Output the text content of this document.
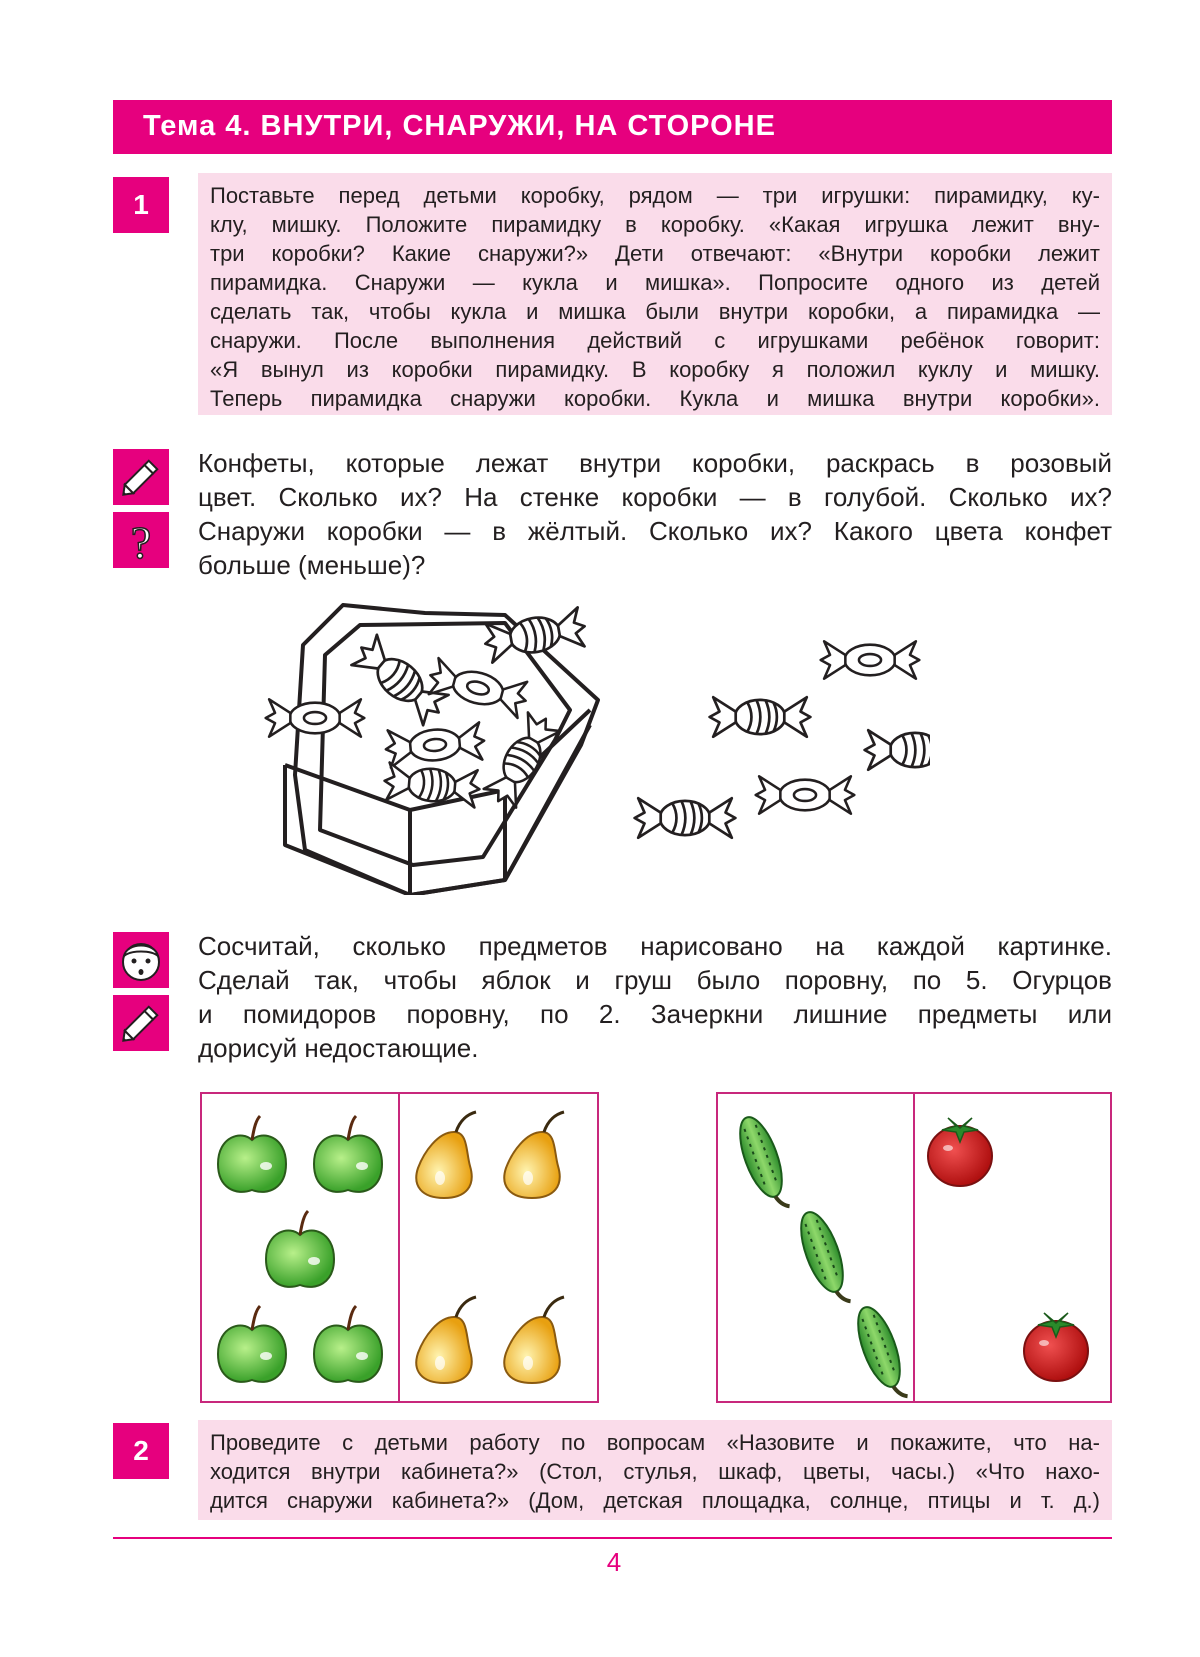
Тема 4. ВНУТРИ, СНАРУЖИ, НА СТОРОНЕ
1	Поставьте перед детьми коробку, рядом — три игрушки: пирамидку, ку-
клу, мишку. Положите пирамидку в коробку. «Какая игрушка лежит вну-
три коробки? Какие снаружи?» Дети отвечают: «Внутри коробки лежит
пирамидка. Снаружи — кукла и мишка». Попросите одного из детей
сделать так, чтобы кукла и мишка были внутри коробки, а пирамидка —
снаружи. После выполнения действий с игрушками ребёнок говорит:
«Я вынул из коробки пирамидку. В коробку я положил куклу и мишку.
Теперь пирамидка снаружи коробки. Кукла и мишка внутри коробки».
?
Конфеты, которые лежат внутри коробки, раскрась в розовый
цвет. Сколько их? На стенке коробки — в голубой. Сколько их?
Снаружи коробки — в жёлтый. Сколько их? Какого цвета конфет
больше (меньше)?
Сосчитай, сколько предметов нарисовано на каждой картинке.
Сделай так, чтобы яблок и груш было поровну, по 5. Огурцов
и помидоров поровну, по 2. Зачеркни лишние предметы или
дорисуй недостающие.
2	Проведите с детьми работу по вопросам «Назовите и покажите, что на-
ходится внутри кабинета?» (Стол, стулья, шкаф, цветы, часы.) «Что нахо-
дится снаружи кабинета?» (Дом, детская площадка, солнце, птицы и т. д.)
4
